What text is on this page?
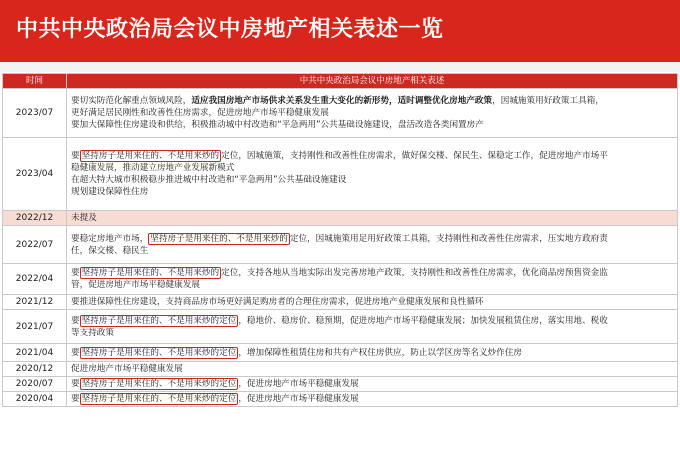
中共中央政治局会议中房地产相关表述一览
时间	中共中央政治局会议中房地产相关表述
2023/07	要切实防范化解重点领域风险，适应我国房地产市场供求关系发生重大变化的新形势，适时调整优化房地产政策，因城施策用好政策工具箱，
更好满足居民刚性和改善性住房需求，促进房地产市场平稳健康发展
要加大保障性住房建设和供给，积极推动城中村改造和“平急两用”公共基础设施建设，盘活改造各类闲置房产

2023/04	要 坚持房子是用来住的、不是用来炒的 定位，因城施策，支持刚性和改善性住房需求，做好保交楼、保民生、保稳定工作，促进房地产市场平
稳健康发展，推动建立房地产业发展新模式
在超大特大城市积极稳步推进城中村改造和“平急两用”公共基础设施建设
规划建设保障性住房

2022/12	未提及

2022/07	要稳定房地产市场， 坚持房子是用来住的、不是用来炒的 定位，因城施策用足用好政策工具箱，支持刚性和改善性住房需求，压实地方政府责
任，保交楼、稳民生

2022/04	要 坚持房子是用来住的、不是用来炒的 定位，支持各地从当地实际出发完善房地产政策，支持刚性和改善性住房需求，优化商品房预售资金监
管，促进房地产市场平稳健康发展

2021/12	要推进保障性住房建设，支持商品房市场更好满足购房者的合理住房需求，促进房地产业健康发展和良性循环

2021/07	要 坚持房子是用来住的、不是用来炒的定位 ，稳地价、稳房价、稳预期，促进房地产市场平稳健康发展；加快发展租赁住房，落实用地、税收
等支持政策

2021/04	要 坚持房子是用来住的、不是用来炒的定位 ，增加保障性租赁住房和共有产权住房供应，防止以学区房等名义炒作住房

2020/12	促进房地产市场平稳健康发展

2020/07	要 坚持房子是用来住的、不是用来炒的定位 ，促进房地产市场平稳健康发展

2020/04	要 坚持房子是用来住的、不是用来炒的定位 ，促进房地产市场平稳健康发展
